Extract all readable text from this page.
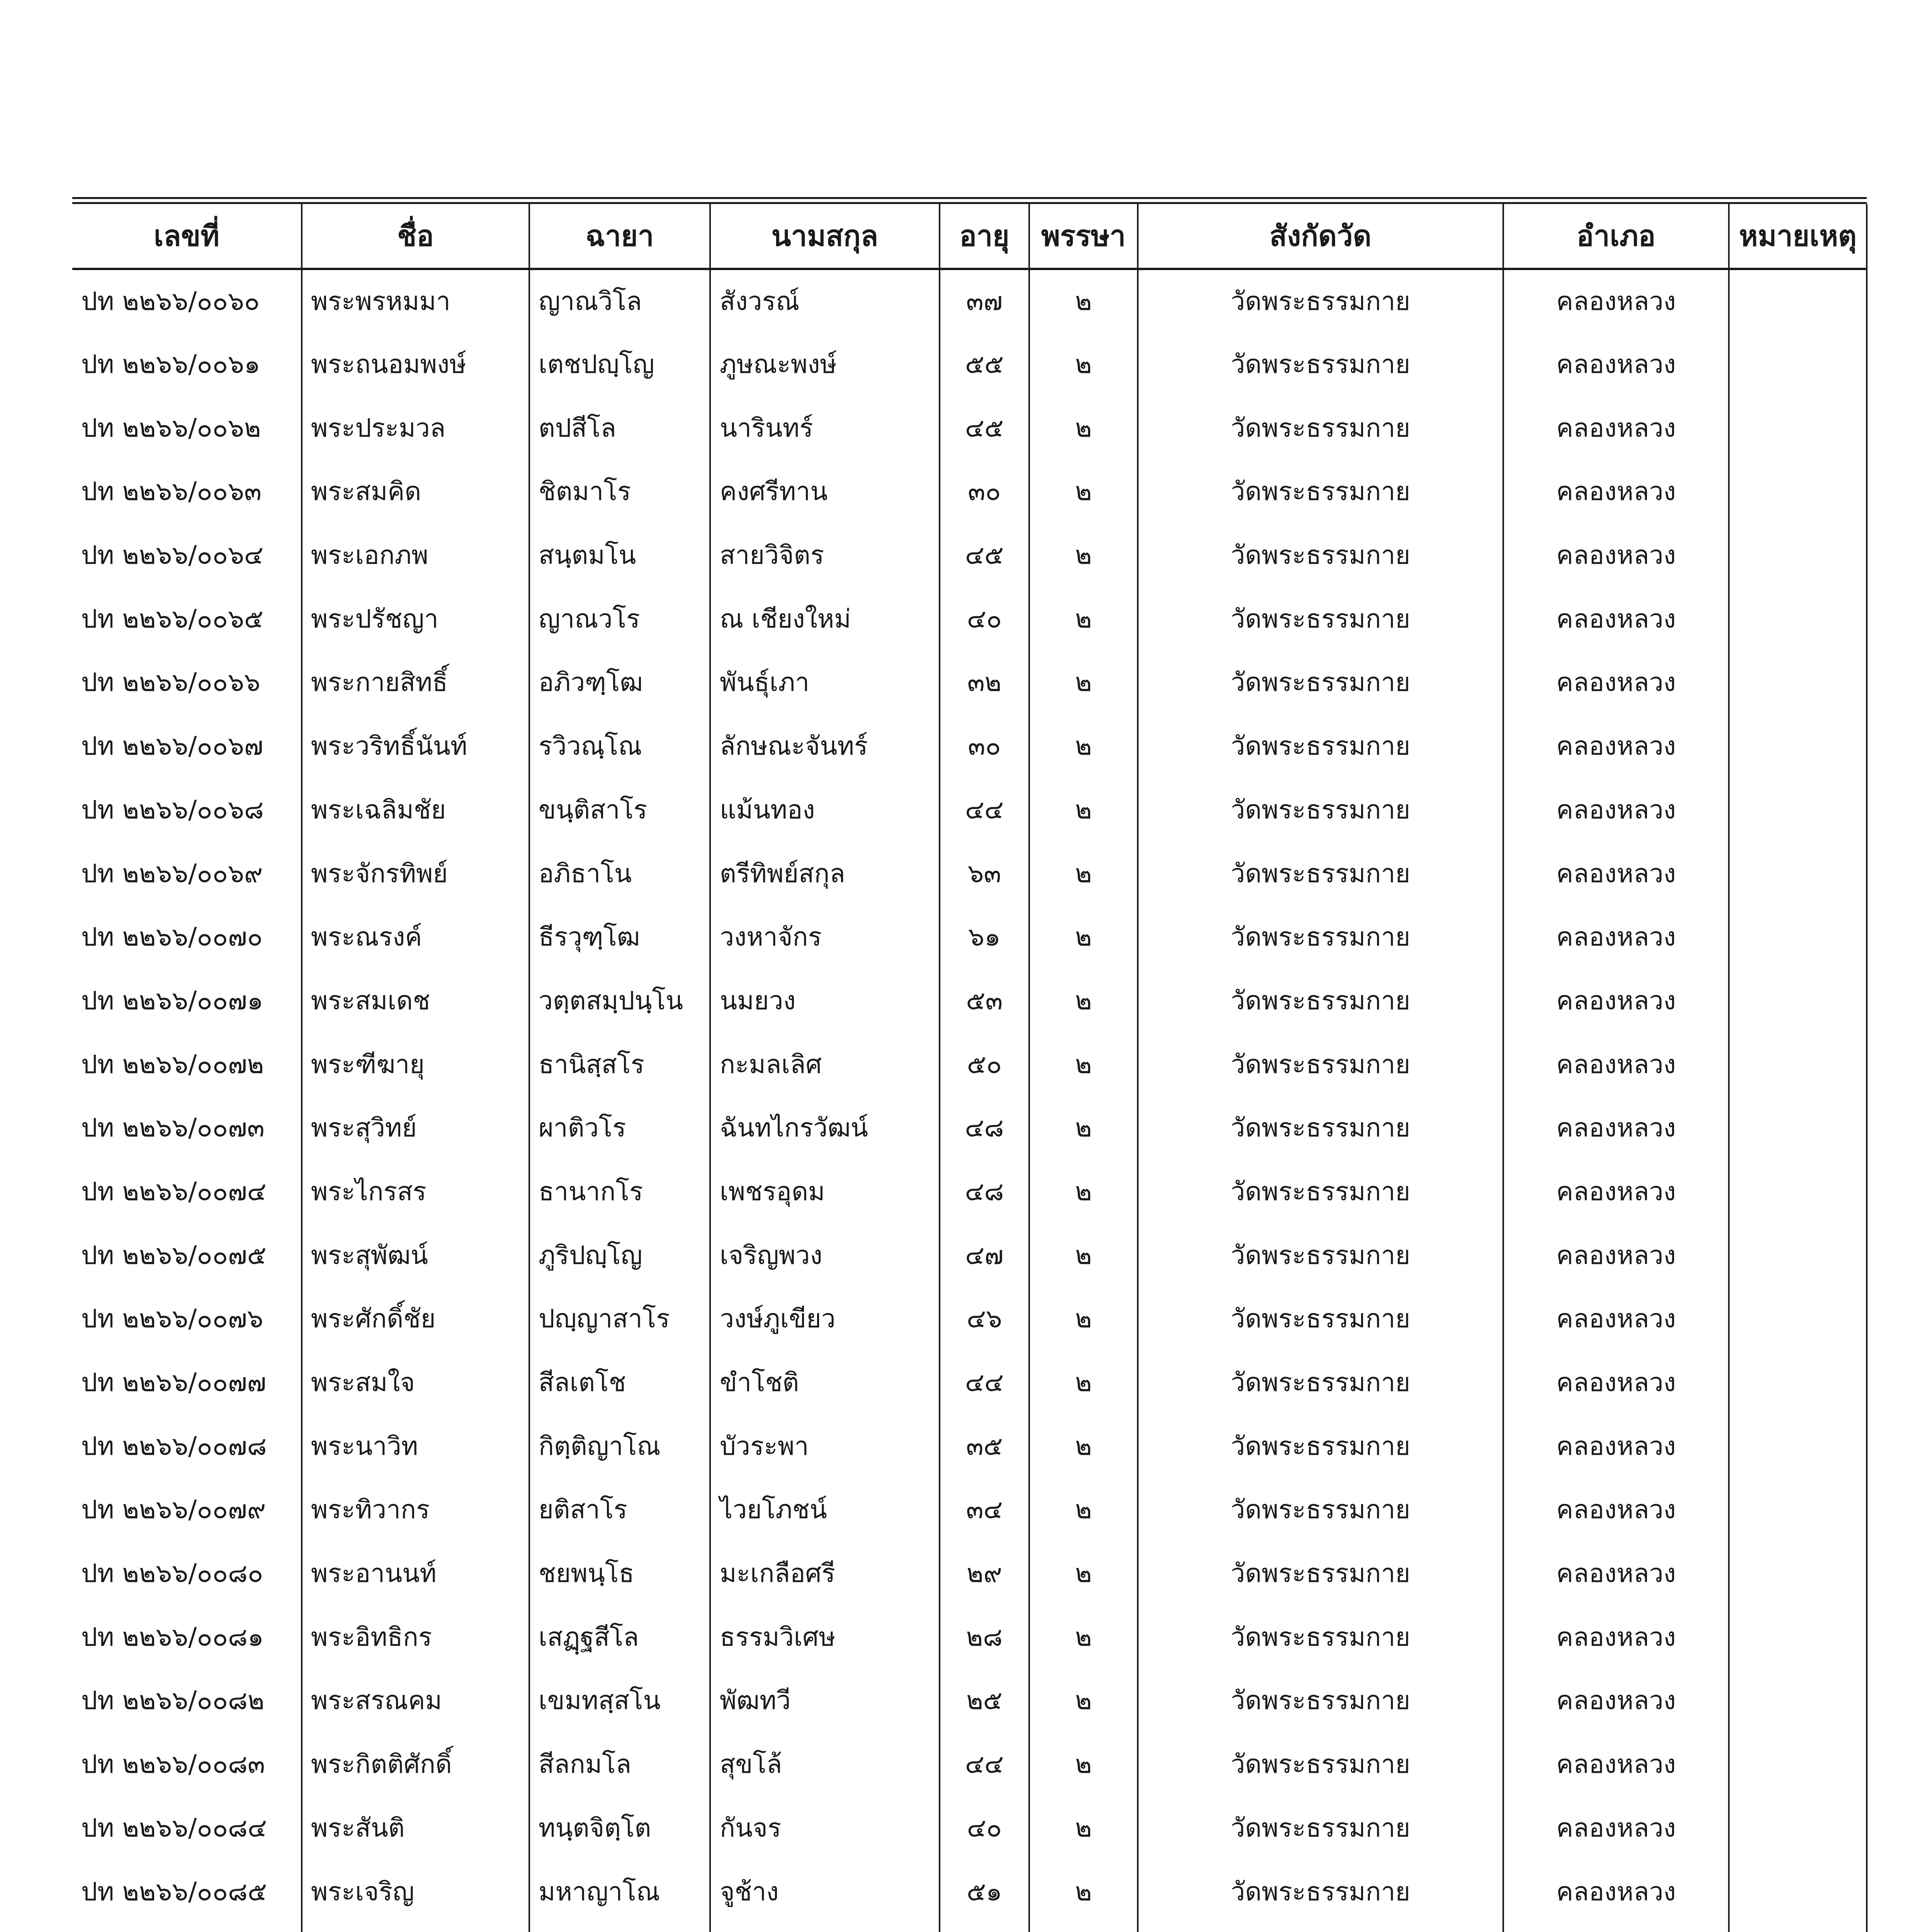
เลขที่	ชื่อ	ฉายา	นามสกุล	อายุ	พรรษา	สังกัดวัด	อำเภอ	หมายเหตุ
ปท ๒๒๖๖/๐๐๖๐	พระพรหมมา	ญาณวิโล	สังวรณ์	๓๗	๒	วัดพระธรรมกาย	คลองหลวง	
ปท ๒๒๖๖/๐๐๖๑	พระถนอมพงษ์	เตชปญฺโญ	ภูษณะพงษ์	๕๕	๒	วัดพระธรรมกาย	คลองหลวง	
ปท ๒๒๖๖/๐๐๖๒	พระประมวล	ตปสีโล	นารินทร์	๔๕	๒	วัดพระธรรมกาย	คลองหลวง	
ปท ๒๒๖๖/๐๐๖๓	พระสมคิด	ชิตมาโร	คงศรีทาน	๓๐	๒	วัดพระธรรมกาย	คลองหลวง	
ปท ๒๒๖๖/๐๐๖๔	พระเอกภพ	สนฺตมโน	สายวิจิตร	๔๕	๒	วัดพระธรรมกาย	คลองหลวง	
ปท ๒๒๖๖/๐๐๖๕	พระปรัชญา	ญาณวโร	ณ เชียงใหม่	๔๐	๒	วัดพระธรรมกาย	คลองหลวง	
ปท ๒๒๖๖/๐๐๖๖	พระกายสิทธิ์	อภิวฑฺโฒ	พันธุ์เภา	๓๒	๒	วัดพระธรรมกาย	คลองหลวง	
ปท ๒๒๖๖/๐๐๖๗	พระวริทธิ์นันท์	รวิวณฺโณ	ลักษณะจันทร์	๓๐	๒	วัดพระธรรมกาย	คลองหลวง	
ปท ๒๒๖๖/๐๐๖๘	พระเฉลิมชัย	ขนฺติสาโร	แม้นทอง	๔๔	๒	วัดพระธรรมกาย	คลองหลวง	
ปท ๒๒๖๖/๐๐๖๙	พระจักรทิพย์	อภิธาโน	ตรีทิพย์สกุล	๖๓	๒	วัดพระธรรมกาย	คลองหลวง	
ปท ๒๒๖๖/๐๐๗๐	พระณรงค์	ธีรวุฑฺโฒ	วงหาจักร	๖๑	๒	วัดพระธรรมกาย	คลองหลวง	
ปท ๒๒๖๖/๐๐๗๑	พระสมเดช	วตฺตสมฺปนฺโน	นมยวง	๕๓	๒	วัดพระธรรมกาย	คลองหลวง	
ปท ๒๒๖๖/๐๐๗๒	พระฑีฆายุ	ธานิสฺสโร	กะมลเลิศ	๕๐	๒	วัดพระธรรมกาย	คลองหลวง	
ปท ๒๒๖๖/๐๐๗๓	พระสุวิทย์	ผาติวโร	ฉันทไกรวัฒน์	๔๘	๒	วัดพระธรรมกาย	คลองหลวง	
ปท ๒๒๖๖/๐๐๗๔	พระไกรสร	ธานากโร	เพชรอุดม	๔๘	๒	วัดพระธรรมกาย	คลองหลวง	
ปท ๒๒๖๖/๐๐๗๕	พระสุพัฒน์	ภูริปญฺโญ	เจริญพวง	๔๗	๒	วัดพระธรรมกาย	คลองหลวง	
ปท ๒๒๖๖/๐๐๗๖	พระศักดิ์ชัย	ปญฺญาสาโร	วงษ์ภูเขียว	๔๖	๒	วัดพระธรรมกาย	คลองหลวง	
ปท ๒๒๖๖/๐๐๗๗	พระสมใจ	สีลเตโช	ขำโชติ	๔๔	๒	วัดพระธรรมกาย	คลองหลวง	
ปท ๒๒๖๖/๐๐๗๘	พระนาวิท	กิตฺติญาโณ	บัวระพา	๓๕	๒	วัดพระธรรมกาย	คลองหลวง	
ปท ๒๒๖๖/๐๐๗๙	พระทิวากร	ยติสาโร	ไวยโภชน์	๓๔	๒	วัดพระธรรมกาย	คลองหลวง	
ปท ๒๒๖๖/๐๐๘๐	พระอานนท์	ชยพนฺโธ	มะเกลือศรี	๒๙	๒	วัดพระธรรมกาย	คลองหลวง	
ปท ๒๒๖๖/๐๐๘๑	พระอิทธิกร	เสฏฺฐสีโล	ธรรมวิเศษ	๒๘	๒	วัดพระธรรมกาย	คลองหลวง	
ปท ๒๒๖๖/๐๐๘๒	พระสรณคม	เขมทสฺสโน	พัฒทวี	๒๕	๒	วัดพระธรรมกาย	คลองหลวง	
ปท ๒๒๖๖/๐๐๘๓	พระกิตติศักดิ์	สีลกมโล	สุขโล้	๔๔	๒	วัดพระธรรมกาย	คลองหลวง	
ปท ๒๒๖๖/๐๐๘๔	พระสันติ	ทนฺตจิตฺโต	กันจร	๔๐	๒	วัดพระธรรมกาย	คลองหลวง	
ปท ๒๒๖๖/๐๐๘๕	พระเจริญ	มหาญาโณ	จูช้าง	๕๑	๒	วัดพระธรรมกาย	คลองหลวง	
